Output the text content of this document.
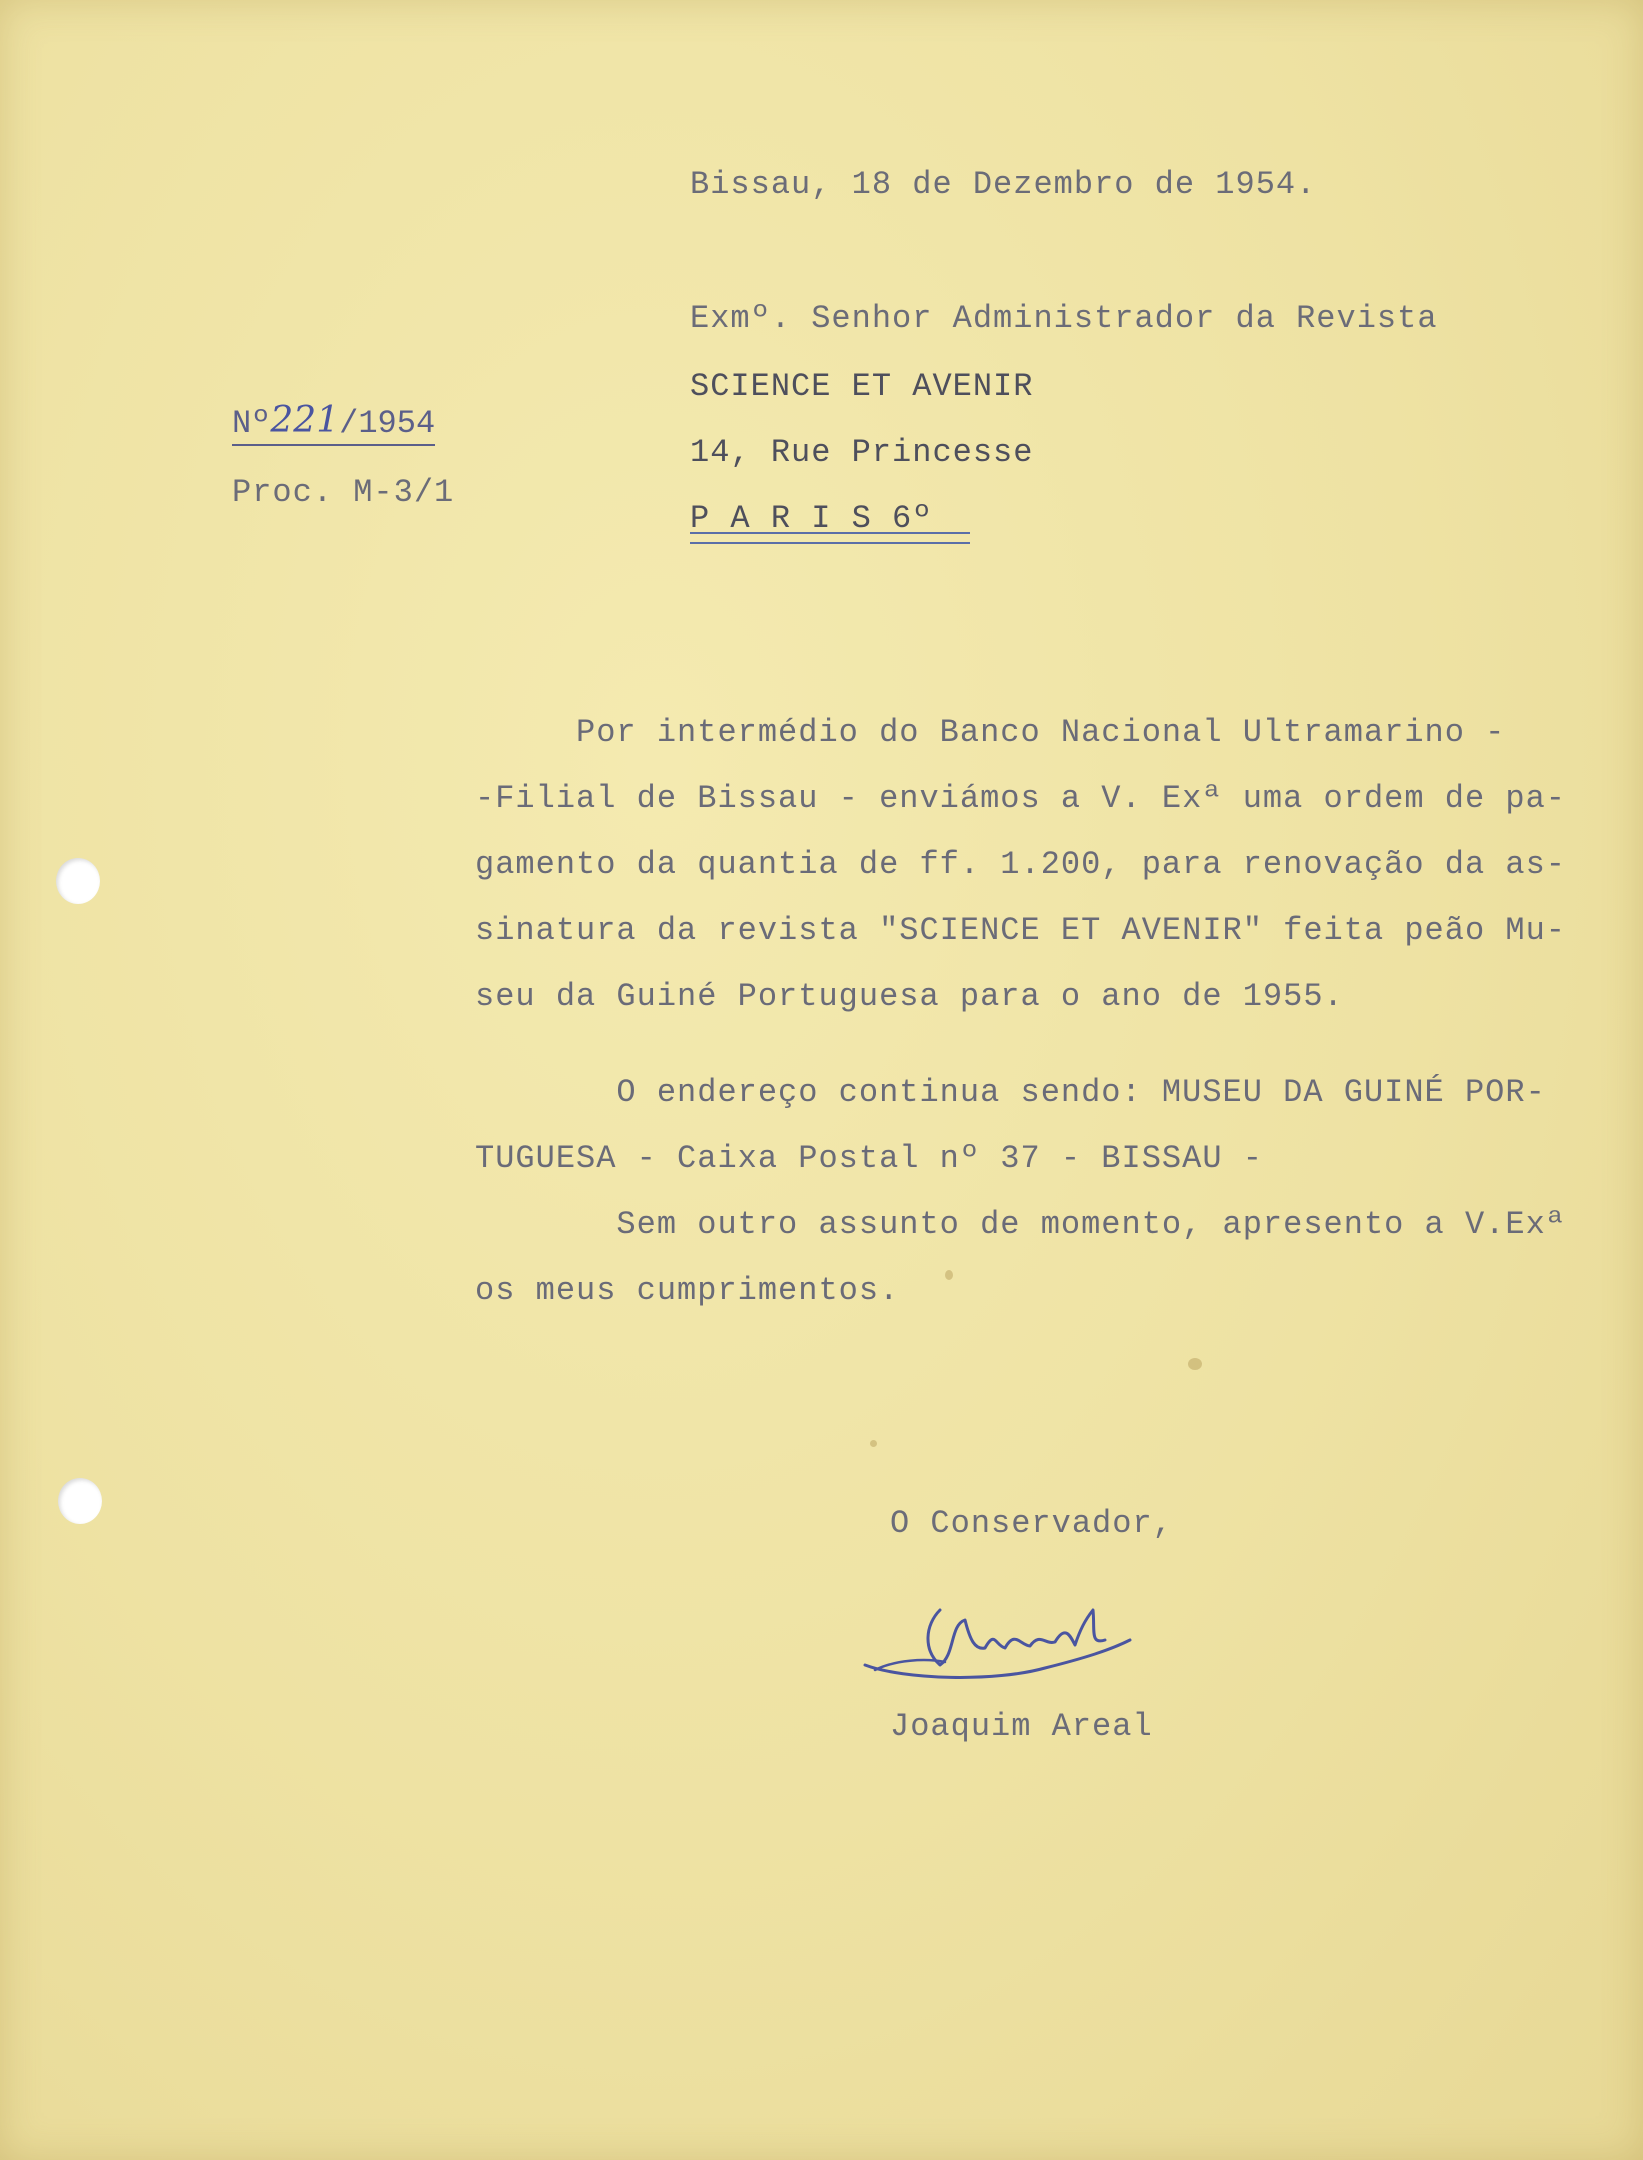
Bissau, 18 de Dezembro de 1954.
Nº221/1954
Proc. M-3/1
Exmº. Senhor Administrador da Revista
SCIENCE ET AVENIR
14, Rue Princesse
P A R I S 6º

Por intermédio do Banco Nacional Ultramarino -

-Filial de Bissau - enviámos a V. Exª uma ordem de pa-

gamento da quantia de ff. 1.200, para renovação da as-

sinatura da revista "SCIENCE ET AVENIR" feita peão Mu-

seu da Guiné Portuguesa para o ano de 1955.

O endereço continua sendo: MUSEU DA GUINÉ POR-

TUGUESA - Caixa Postal nº 37 - BISSAU -

Sem outro assunto de momento, apresento a V.Exª

os meus cumprimentos.

O Conservador,
Joaquim Areal
